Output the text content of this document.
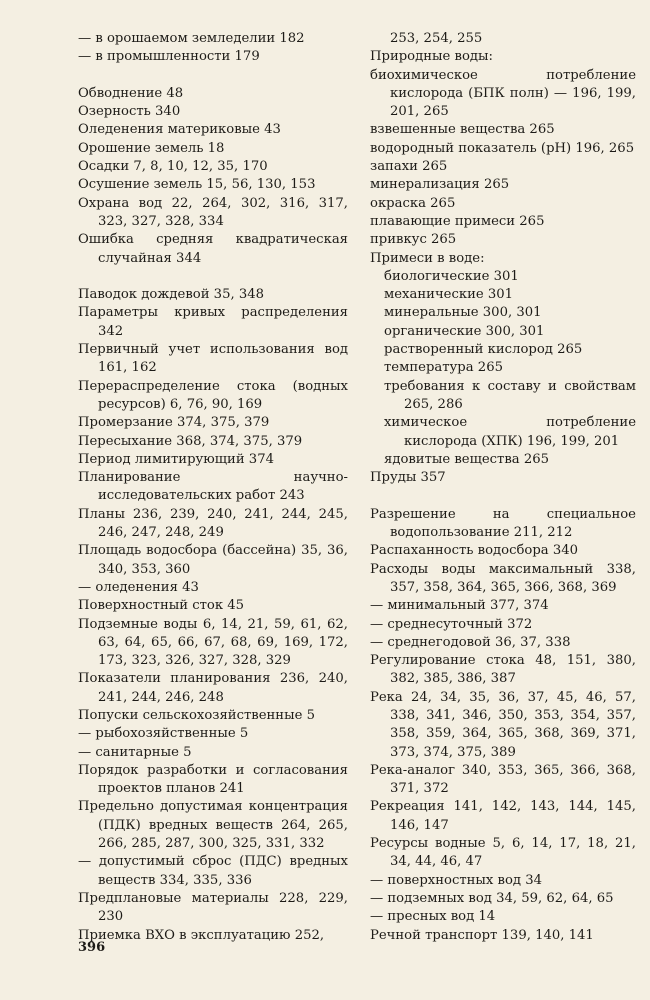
— в орошаемом земледелии 182

— в промышленности 179

Обводнение 48

Озерность 340

Оледенения материковые 43

Орошение земель 18

Осадки 7, 8, 10, 12, 35, 170

Осушение земель 15, 56, 130, 153

Охрана вод 22, 264, 302, 316, 317, 323, 327, 328, 334

Ошибка средняя квадратическая случайная 344

Паводок дождевой 35, 348

Параметры кривых распределения 342

Первичный учет использования вод 161, 162

Перераспределение стока (водных ресурсов) 6, 76, 90, 169

Промерзание 374, 375, 379

Пересыхание 368, 374, 375, 379

Период лимитирующий 374

Планирование научно-исследовательских работ 243

Планы 236, 239, 240, 241, 244, 245, 246, 247, 248, 249

Площадь водосбора (бассейна) 35, 36, 340, 353, 360

— оледенения 43

Поверхностный сток 45

Подземные воды 6, 14, 21, 59, 61, 62, 63, 64, 65, 66, 67, 68, 69, 169, 172, 173, 323, 326, 327, 328, 329

Показатели планирования 236, 240, 241, 244, 246, 248

Попуски сельскохозяйственные 5

— рыбохозяйственные 5

— санитарные 5

Порядок разработки и согласования проектов планов 241

Предельно допустимая концентрация (ПДК) вредных веществ 264, 265, 266, 285, 287, 300, 325, 331, 332

— допустимый сброс (ПДС) вредных веществ 334, 335, 336

Предплановые материалы 228, 229, 230

Приемка ВХО в эксплуатацию 252,

253, 254, 255

Природные воды:

биохимическое потребление кислорода (БПК полн) — 196, 199, 201, 265

взвешенные вещества 265

водородный показатель (pH) 196, 265

запахи 265

минерализация 265

окраска 265

плавающие примеси 265

привкус 265

Примеси в воде:

биологические 301

механические 301

минеральные 300, 301

органические 300, 301

растворенный кислород 265

температура 265

требования к составу и свойствам 265, 286

химическое потребление кислорода (ХПК) 196, 199, 201

ядовитые вещества 265

Пруды 357

Разрешение на специальное водопользование 211, 212

Распаханность водосбора 340

Расходы воды максимальный 338, 357, 358, 364, 365, 366, 368, 369

— минимальный 377, 374

— среднесуточный 372

— среднегодовой 36, 37, 338

Регулирование стока 48, 151, 380, 382, 385, 386, 387

Река 24, 34, 35, 36, 37, 45, 46, 57, 338, 341, 346, 350, 353, 354, 357, 358, 359, 364, 365, 368, 369, 371, 373, 374, 375, 389

Река-аналог 340, 353, 365, 366, 368, 371, 372

Рекреация 141, 142, 143, 144, 145, 146, 147

Ресурсы водные 5, 6, 14, 17, 18, 21, 34, 44, 46, 47

— поверхностных вод 34

— подземных вод 34, 59, 62, 64, 65

— пресных вод 14

Речной транспорт 139, 140, 141

396
